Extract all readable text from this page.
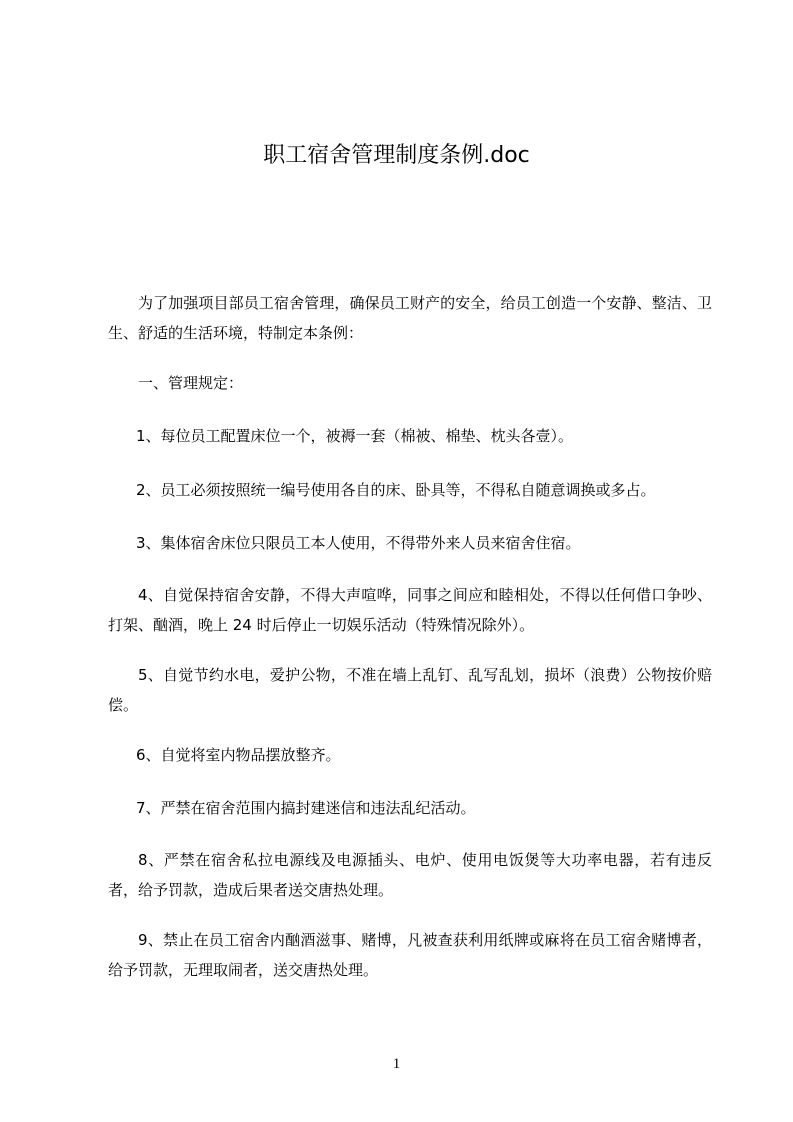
职工宿舍管理制度条例.doc

为了加强项目部员工宿舍管理，确保员工财产的安全，给员工创造一个安静、整洁、卫生、舒适的生活环境，特制定本条例：

一、管理规定：

1、每位员工配置床位一个，被褥一套（棉被、棉垫、枕头各壹）。

2、员工必须按照统一编号使用各自的床、卧具等，不得私自随意调换或多占。

3、集体宿舍床位只限员工本人使用，不得带外来人员来宿舍住宿。

4、自觉保持宿舍安静，不得大声喧哗，同事之间应和睦相处，不得以任何借口争吵、打架、酗酒，晚上 24 时后停止一切娱乐活动（特殊情况除外）。

5、自觉节约水电，爱护公物，不准在墙上乱钉、乱写乱划，损坏（浪费）公物按价赔偿。

6、自觉将室内物品摆放整齐。

7、严禁在宿舍范围内搞封建迷信和违法乱纪活动。

8、严禁在宿舍私拉电源线及电源插头、电炉、使用电饭煲等大功率电器，若有违反者，给予罚款，造成后果者送交唐热处理。

9、禁止在员工宿舍内酗酒滋事、赌博，凡被查获利用纸牌或麻将在员工宿舍赌博者，给予罚款，无理取闹者，送交唐热处理。

1
